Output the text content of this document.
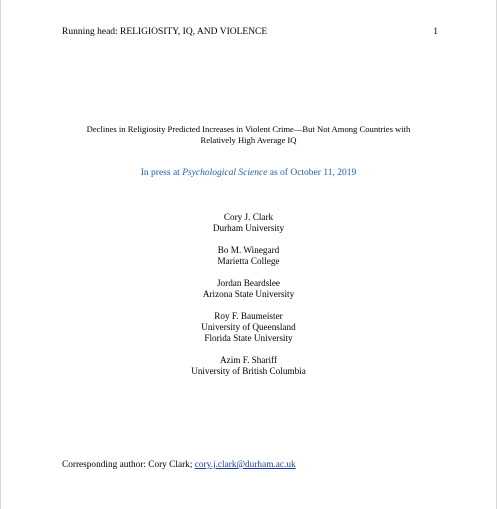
Running head: RELIGIOSITY, IQ, AND VIOLENCE	1
Declines in Religiosity Predicted Increases in Violent Crime—But Not Among Countries with
Relatively High Average IQ
In press at Psychological Science as of October 11, 2019
Cory J. Clark
Durham University
Bo M. Winegard
Marietta College
Jordan Beardslee
Arizona State University
Roy F. Baumeister
University of Queensland
Florida State University
Azim F. Shariff
University of British Columbia
Corresponding author: Cory Clark; cory.j.clark@durham.ac.uk
